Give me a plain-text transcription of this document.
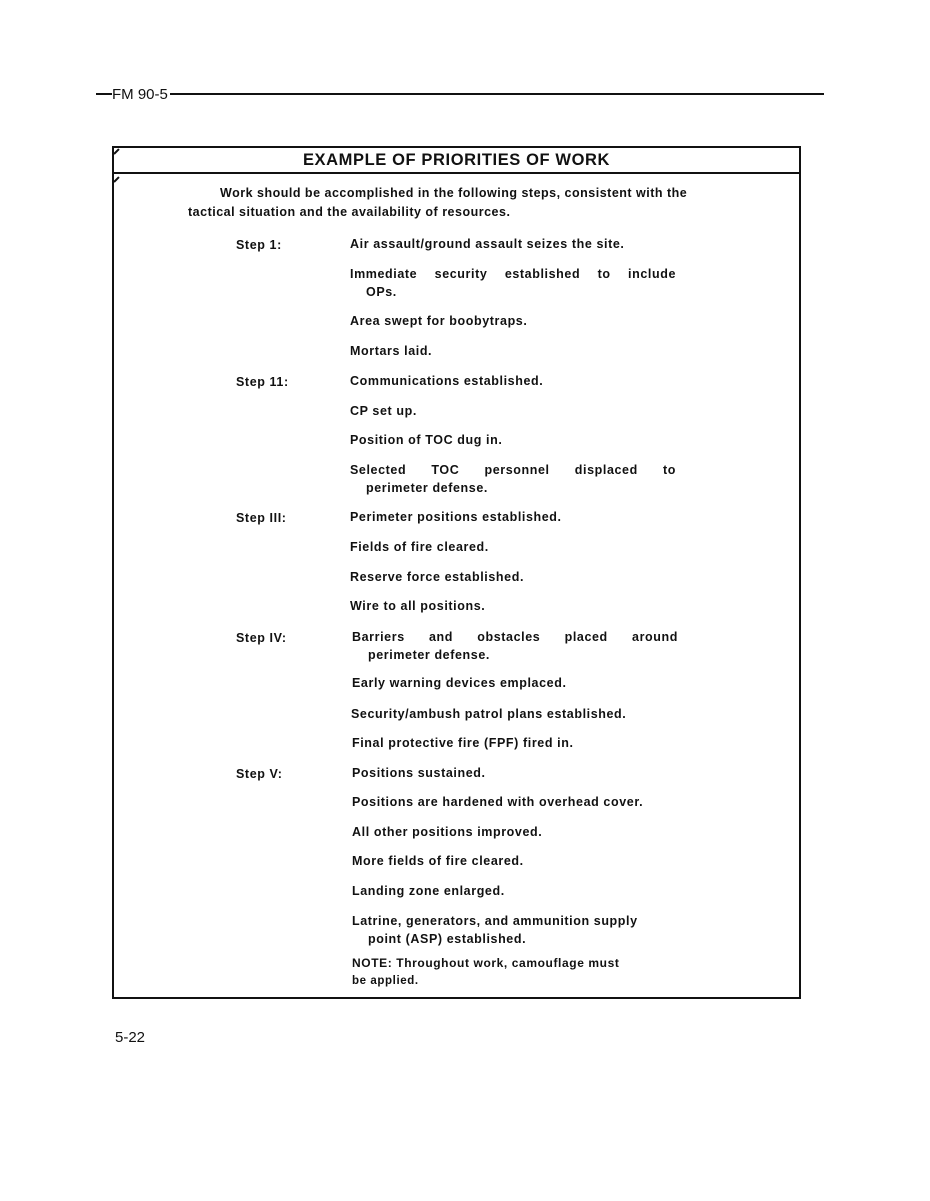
FM 90-5
EXAMPLE OF PRIORITIES OF WORK
Work should be accomplished in the following steps, consistent with the
tactical situation and the availability of resources.
Step 1:	Air assault/ground assault seizes the site.
Immediate security established to include
OPs.
Area swept for boobytraps.
Mortars laid.
Step 11:	Communications established.
CP set up.
Position of TOC dug in.
Selected TOC personnel displaced to
perimeter defense.
Step III:	Perimeter positions established.
Fields of fire cleared.
Reserve force established.
Wire to all positions.
Step IV:	Barriers and obstacles placed around
perimeter defense.
Early warning devices emplaced.
Security/ambush patrol plans established.
Final protective fire (FPF) fired in.
Step V:	Positions sustained.
Positions are hardened with overhead cover.
All other positions improved.
More fields of fire cleared.
Landing zone enlarged.
Latrine, generators, and ammunition supply
point (ASP) established.
NOTE: Throughout work, camouflage must
be applied.
5-22
